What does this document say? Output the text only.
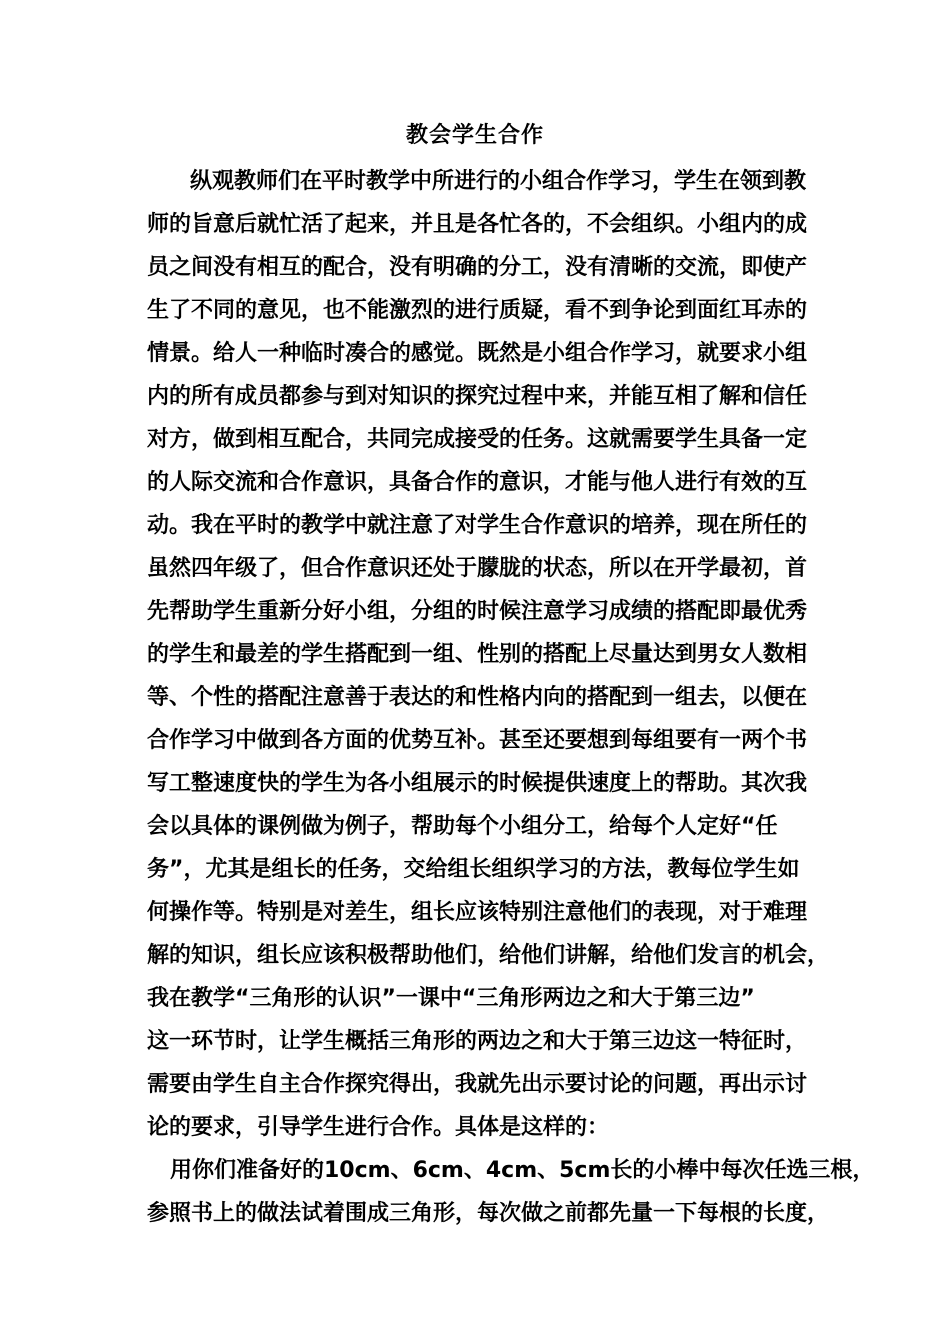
教会学生合作
纵观教师们在平时教学中所进行的小组合作学习，学生在领到教
师的旨意后就忙活了起来，并且是各忙各的，不会组织。小组内的成
员之间没有相互的配合，没有明确的分工，没有清晰的交流，即使产
生了不同的意见，也不能激烈的进行质疑，看不到争论到面红耳赤的
情景。给人一种临时凑合的感觉。既然是小组合作学习，就要求小组
内的所有成员都参与到对知识的探究过程中来，并能互相了解和信任
对方，做到相互配合，共同完成接受的任务。这就需要学生具备一定
的人际交流和合作意识，具备合作的意识，才能与他人进行有效的互
动。我在平时的教学中就注意了对学生合作意识的培养，现在所任的
虽然四年级了，但合作意识还处于朦胧的状态，所以在开学最初，首
先帮助学生重新分好小组，分组的时候注意学习成绩的搭配即最优秀
的学生和最差的学生搭配到一组、性别的搭配上尽量达到男女人数相
等、个性的搭配注意善于表达的和性格内向的搭配到一组去，以便在
合作学习中做到各方面的优势互补。甚至还要想到每组要有一两个书
写工整速度快的学生为各小组展示的时候提供速度上的帮助。其次我
会以具体的课例做为例子，帮助每个小组分工，给每个人定好“任
务”，尤其是组长的任务，交给组长组织学习的方法，教每位学生如
何操作等。特别是对差生，组长应该特别注意他们的表现，对于难理
解的知识，组长应该积极帮助他们，给他们讲解，给他们发言的机会，
我在教学“三角形的认识”一课中“三角形两边之和大于第三边”
这一环节时，让学生概括三角形的两边之和大于第三边这一特征时，
需要由学生自主合作探究得出，我就先出示要讨论的问题，再出示讨
论的要求，引导学生进行合作。具体是这样的：
用你们准备好的10cm、6cm、4cm、5cm长的小棒中每次任选三根，
参照书上的做法试着围成三角形，每次做之前都先量一下每根的长度，
